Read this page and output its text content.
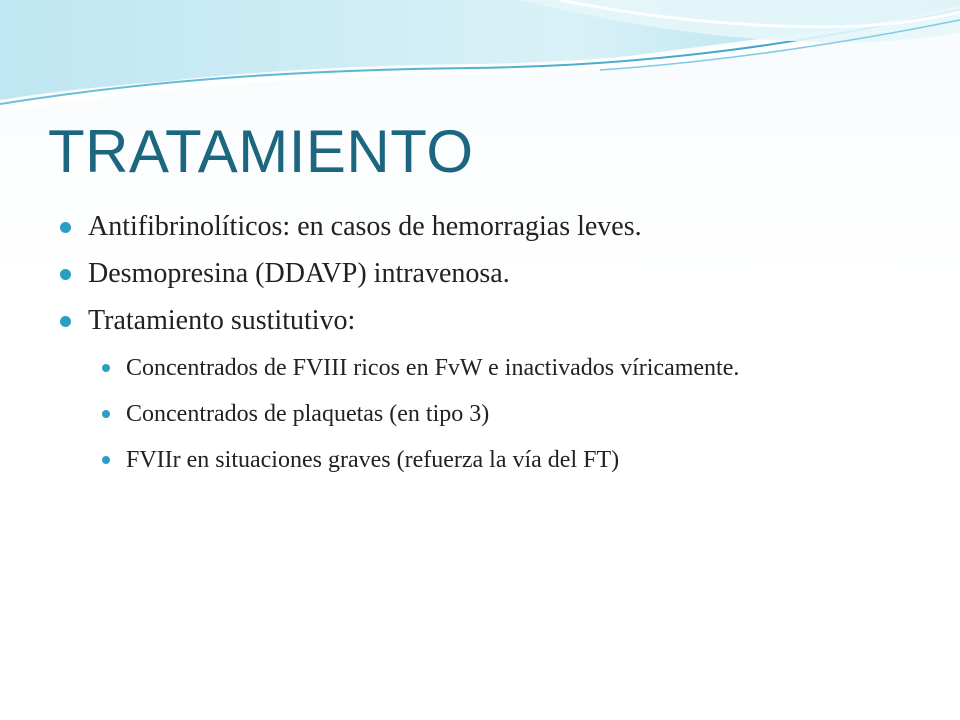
TRATAMIENTO
Antifibrinolíticos: en casos de hemorragias leves.
Desmopresina (DDAVP) intravenosa.
Tratamiento sustitutivo:
Concentrados de FVIII ricos en FvW e inactivados víricamente.
Concentrados de plaquetas (en tipo 3)
FVIIr en situaciones graves (refuerza la vía del FT)
